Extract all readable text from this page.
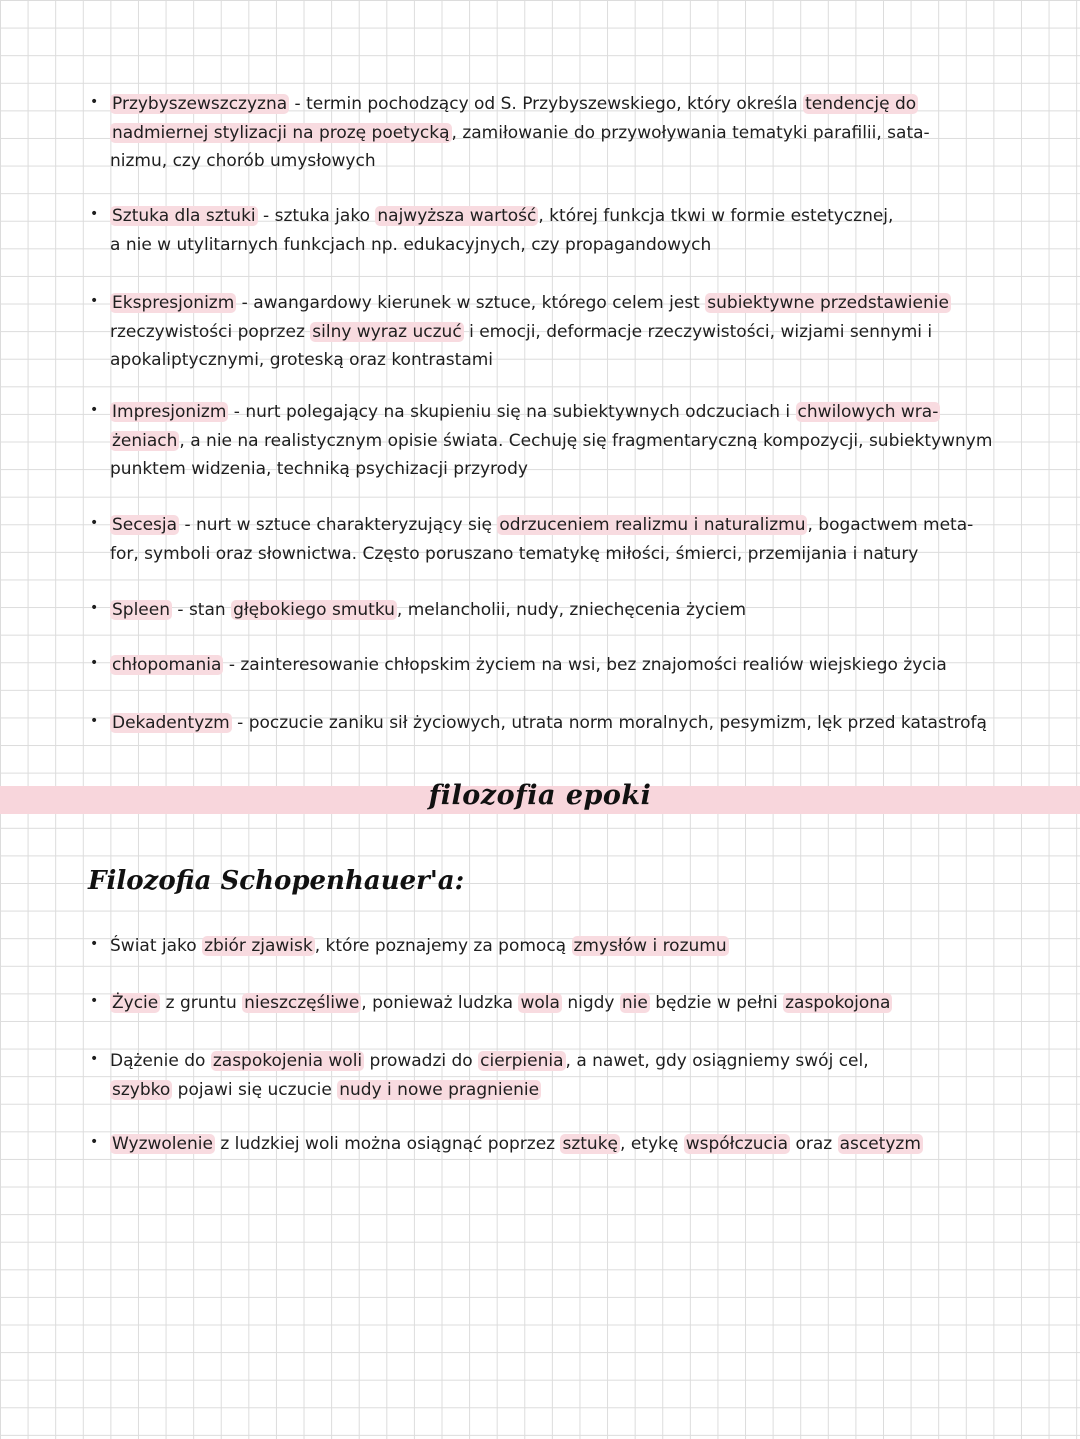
• Przybyszewszczyzna - termin pochodzący od S. Przybyszewskiego, który określa tendencję do
nadmiernej stylizacji na prozę poetycką , zamiłowanie do przywoływania tematyki parafilii, sata-
nizmu, czy chorób umysłowych
• Sztuka dla sztuki - sztuka jako najwyższa wartość , której funkcja tkwi w formie estetycznej,
a nie w utylitarnych funkcjach np. edukacyjnych, czy propagandowych
• Ekspresjonizm - awangardowy kierunek w sztuce, którego celem jest subiektywne przedstawienie
rzeczywistości poprzez silny wyraz uczuć i emocji, deformacje rzeczywistości, wizjami sennymi i
apokaliptycznymi, groteską oraz kontrastami
• Impresjonizm - nurt polegający na skupieniu się na subiektywnych odczuciach i chwilowych wra-
żeniach , a nie na realistycznym opisie świata. Cechuję się fragmentaryczną kompozycji, subiektywnym
punktem widzenia, techniką psychizacji przyrody
• Secesja - nurt w sztuce charakteryzujący się odrzuceniem realizmu i naturalizmu , bogactwem meta-
for, symboli oraz słownictwa. Często poruszano tematykę miłości, śmierci, przemijania i natury
• Spleen - stan głębokiego smutku , melancholii, nudy, zniechęcenia życiem
• chłopomania - zainteresowanie chłopskim życiem na wsi, bez znajomości realiów wiejskiego życia
• Dekadentyzm - poczucie zaniku sił życiowych, utrata norm moralnych, pesymizm, lęk przed katastrofą
filozofia epoki
Filozofia Schopenhauer'a:
• Świat jako zbiór zjawisk , które poznajemy za pomocą zmysłów i rozumu
• Życie z gruntu nieszczęśliwe , ponieważ ludzka wola nigdy nie będzie w pełni zaspokojona
• Dążenie do zaspokojenia woli prowadzi do cierpienia , a nawet, gdy osiągniemy swój cel,
szybko pojawi się uczucie nudy i nowe pragnienie
• Wyzwolenie z ludzkiej woli można osiągnąć poprzez sztukę , etykę współczucia oraz ascetyzm
